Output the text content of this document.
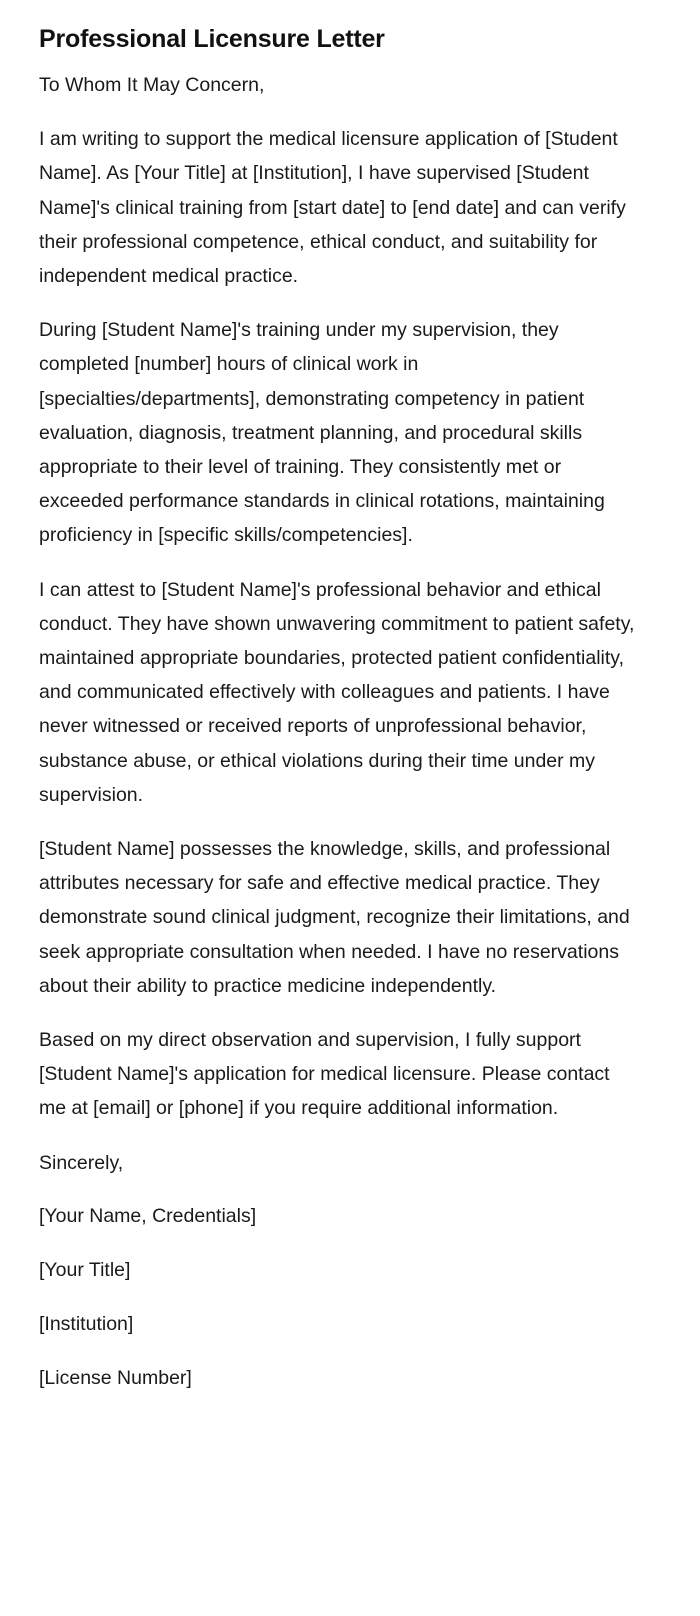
Professional Licensure Letter

To Whom It May Concern,

I am writing to support the medical licensure application of [Student Name]. As [Your Title] at [Institution], I have supervised [Student Name]'s clinical training from [start date] to [end date] and can verify their professional competence, ethical conduct, and suitability for independent medical practice.

During [Student Name]'s training under my supervision, they completed [number] hours of clinical work in [specialties/departments], demonstrating competency in patient evaluation, diagnosis, treatment planning, and procedural skills appropriate to their level of training. They consistently met or exceeded performance standards in clinical rotations, maintaining proficiency in [specific skills/competencies].

I can attest to [Student Name]'s professional behavior and ethical conduct. They have shown unwavering commitment to patient safety, maintained appropriate boundaries, protected patient confidentiality, and communicated effectively with colleagues and patients. I have never witnessed or received reports of unprofessional behavior, substance abuse, or ethical violations during their time under my supervision.

[Student Name] possesses the knowledge, skills, and professional attributes necessary for safe and effective medical practice. They demonstrate sound clinical judgment, recognize their limitations, and seek appropriate consultation when needed. I have no reservations about their ability to practice medicine independently.

Based on my direct observation and supervision, I fully support [Student Name]'s application for medical licensure. Please contact me at [email] or [phone] if you require additional information.

Sincerely,

[Your Name, Credentials]

[Your Title]

[Institution]

[License Number]
